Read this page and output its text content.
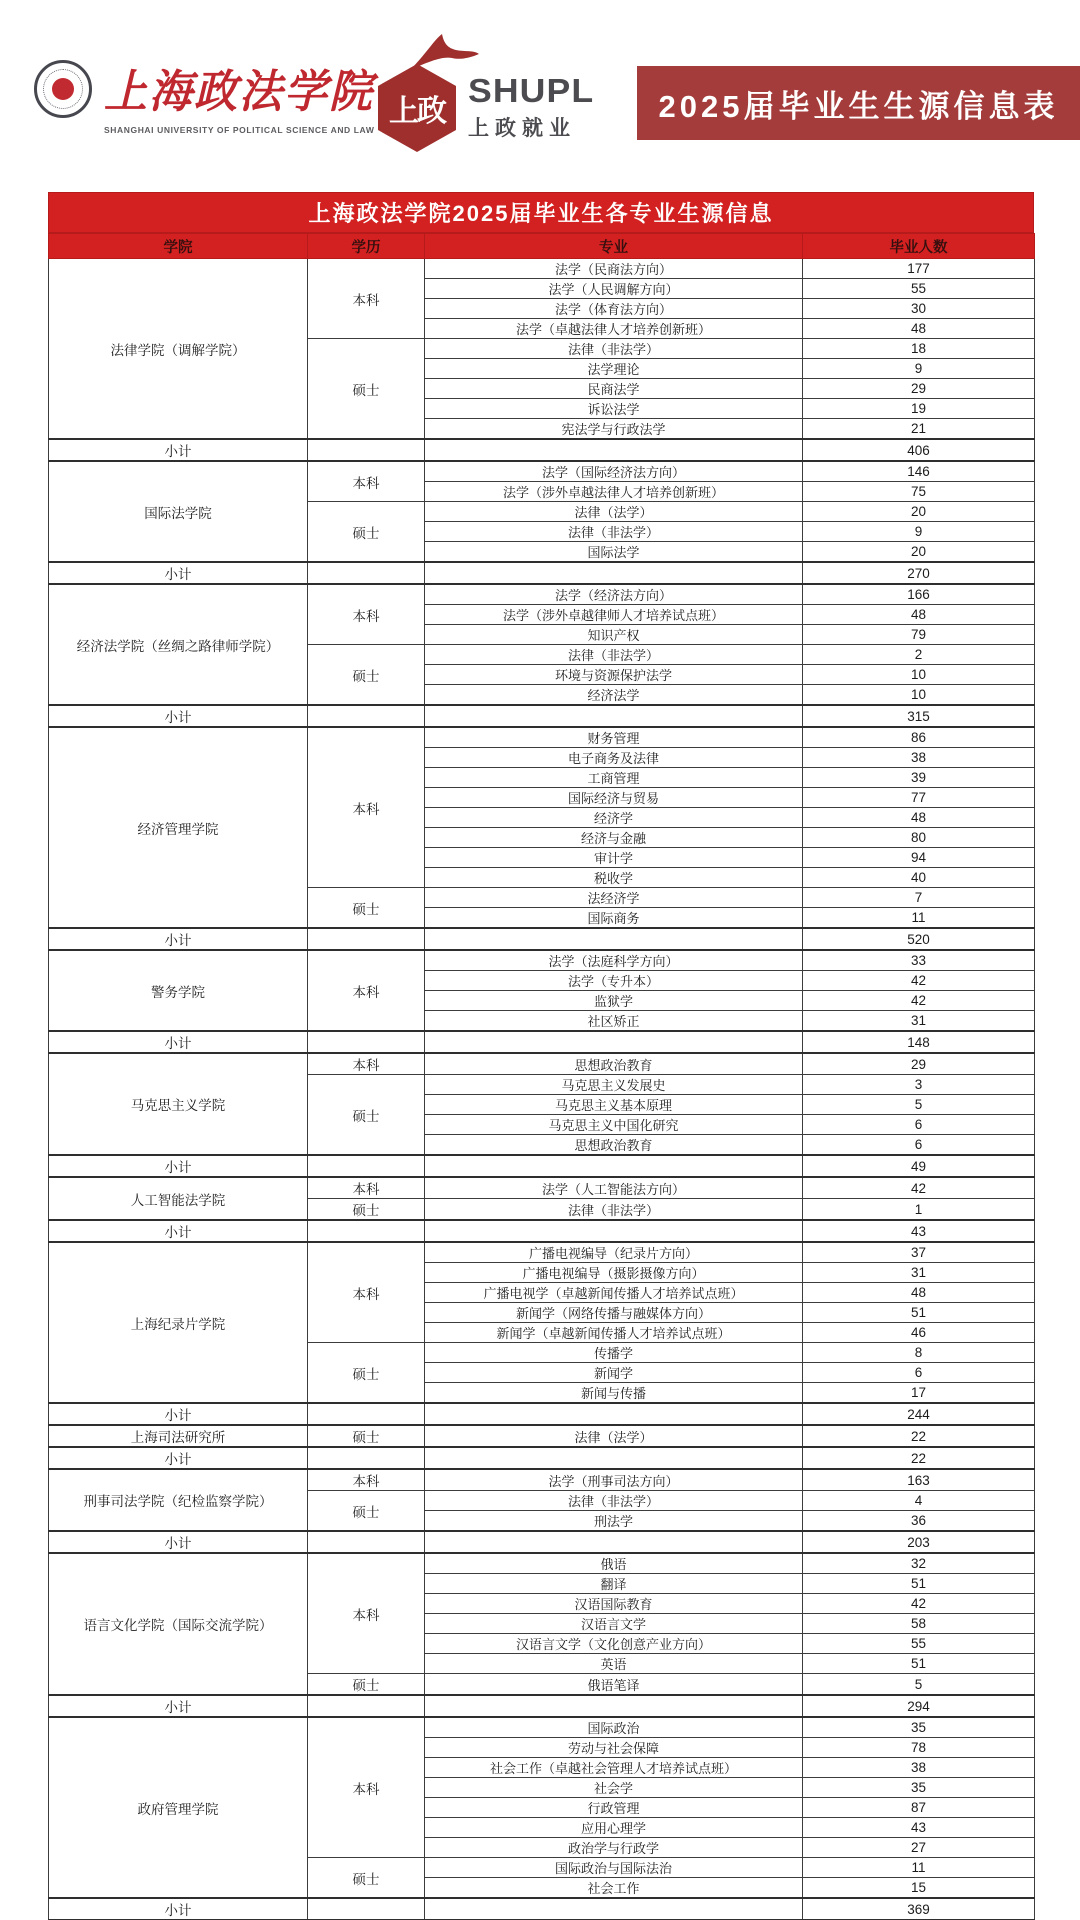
上海政法学院
SHANGHAI UNIVERSITY OF POLITICAL SCIENCE AND LAW
上政
SHUPL
上政就业
2025届毕业生生源信息表
上海政法学院2025届毕业生各专业生源信息
学院	学历	专业	毕业人数
法律学院（调解学院）	本科	法学（民商法方向）	177
		法学（人民调解方向）	55
		法学（体育法方向）	30
		法学（卓越法律人才培养创新班）	48
	硕士	法律（非法学）	18
		法学理论	9
		民商法学	29
		诉讼法学	19
		宪法学与行政法学	21
小计			406
国际法学院	本科	法学（国际经济法方向）	146
		法学（涉外卓越法律人才培养创新班）	75
	硕士	法律（法学）	20
		法律（非法学）	9
		国际法学	20
小计			270
经济法学院（丝绸之路律师学院）	本科	法学（经济法方向）	166
		法学（涉外卓越律师人才培养试点班）	48
		知识产权	79
	硕士	法律（非法学）	2
		环境与资源保护法学	10
		经济法学	10
小计			315
经济管理学院	本科	财务管理	86
		电子商务及法律	38
		工商管理	39
		国际经济与贸易	77
		经济学	48
		经济与金融	80
		审计学	94
		税收学	40
	硕士	法经济学	7
		国际商务	11
小计			520
警务学院	本科	法学（法庭科学方向）	33
		法学（专升本）	42
		监狱学	42
		社区矫正	31
小计			148
马克思主义学院	本科	思想政治教育	29
	硕士	马克思主义发展史	3
		马克思主义基本原理	5
		马克思主义中国化研究	6
		思想政治教育	6
小计			49
人工智能法学院	本科	法学（人工智能法方向）	42
	硕士	法律（非法学）	1
小计			43
上海纪录片学院	本科	广播电视编导（纪录片方向）	37
		广播电视编导（摄影摄像方向）	31
		广播电视学（卓越新闻传播人才培养试点班）	48
		新闻学（网络传播与融媒体方向）	51
		新闻学（卓越新闻传播人才培养试点班）	46
	硕士	传播学	8
		新闻学	6
		新闻与传播	17
小计			244
上海司法研究所	硕士	法律（法学）	22
小计			22
刑事司法学院（纪检监察学院）	本科	法学（刑事司法方向）	163
	硕士	法律（非法学）	4
		刑法学	36
小计			203
语言文化学院（国际交流学院）	本科	俄语	32
		翻译	51
		汉语国际教育	42
		汉语言文学	58
		汉语言文学（文化创意产业方向）	55
		英语	51
	硕士	俄语笔译	5
小计			294
政府管理学院	本科	国际政治	35
		劳动与社会保障	78
		社会工作（卓越社会管理人才培养试点班）	38
		社会学	35
		行政管理	87
		应用心理学	43
		政治学与行政学	27
	硕士	国际政治与国际法治	11
		社会工作	15
小计			369
